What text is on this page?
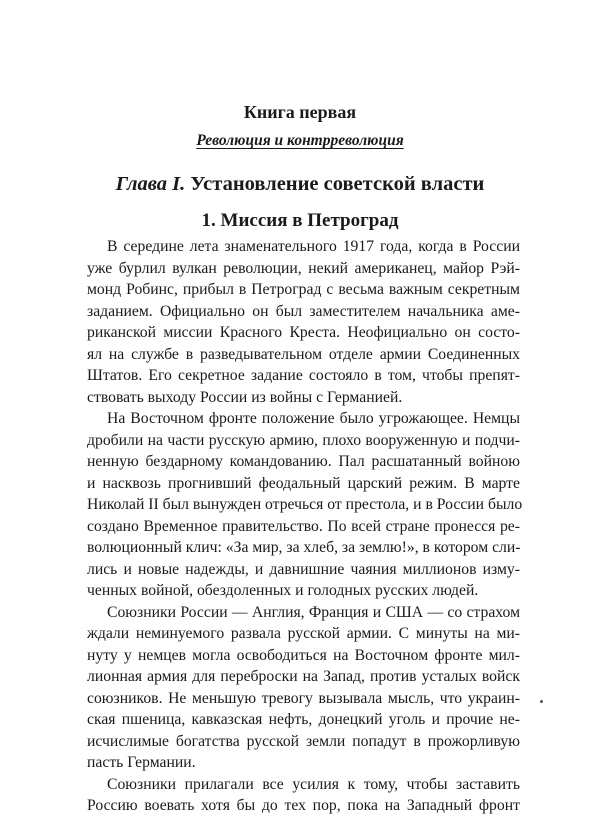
Книга первая
Революция и контрреволюция
Глава I. Установление советской власти
1. Миссия в Петроград
В середине лета знаменательного 1917 года, когда в России
уже бурлил вулкан революции, некий американец, майор Рэй-
монд Робинс, прибыл в Петроград с весьма важным секретным
заданием. Официально он был заместителем начальника аме-
риканской миссии Красного Креста. Неофициально он состо-
ял на службе в разведывательном отделе армии Соединенных
Штатов. Его секретное задание состояло в том, чтобы препят-
ствовать выходу России из войны с Германией.
На Восточном фронте положение было угрожающее. Немцы
дробили на части русскую армию, плохо вооруженную и подчи-
ненную бездарному командованию. Пал расшатанный войною
и насквозь прогнивший феодальный царский режим. В марте
Николай II был вынужден отречься от престола, и в России было
создано Временное правительство. По всей стране пронесся ре-
волюционный клич: «За мир, за хлеб, за землю!», в котором сли-
лись и новые надежды, и давнишние чаяния миллионов изму-
ченных войной, обездоленных и голодных русских людей.
Союзники России — Англия, Франция и США — со страхом
ждали неминуемого развала русской армии. С минуты на ми-
нуту у немцев могла освободиться на Восточном фронте мил-
лионная армия для переброски на Запад, против усталых войск
союзников. Не меньшую тревогу вызывала мысль, что украин-
ская пшеница, кавказская нефть, донецкий уголь и прочие не-
исчислимые богатства русской земли попадут в прожорливую
пасть Германии.
Союзники прилагали все усилия к тому, чтобы заставить
Россию воевать хотя бы до тех пор, пока на Западный фронт
